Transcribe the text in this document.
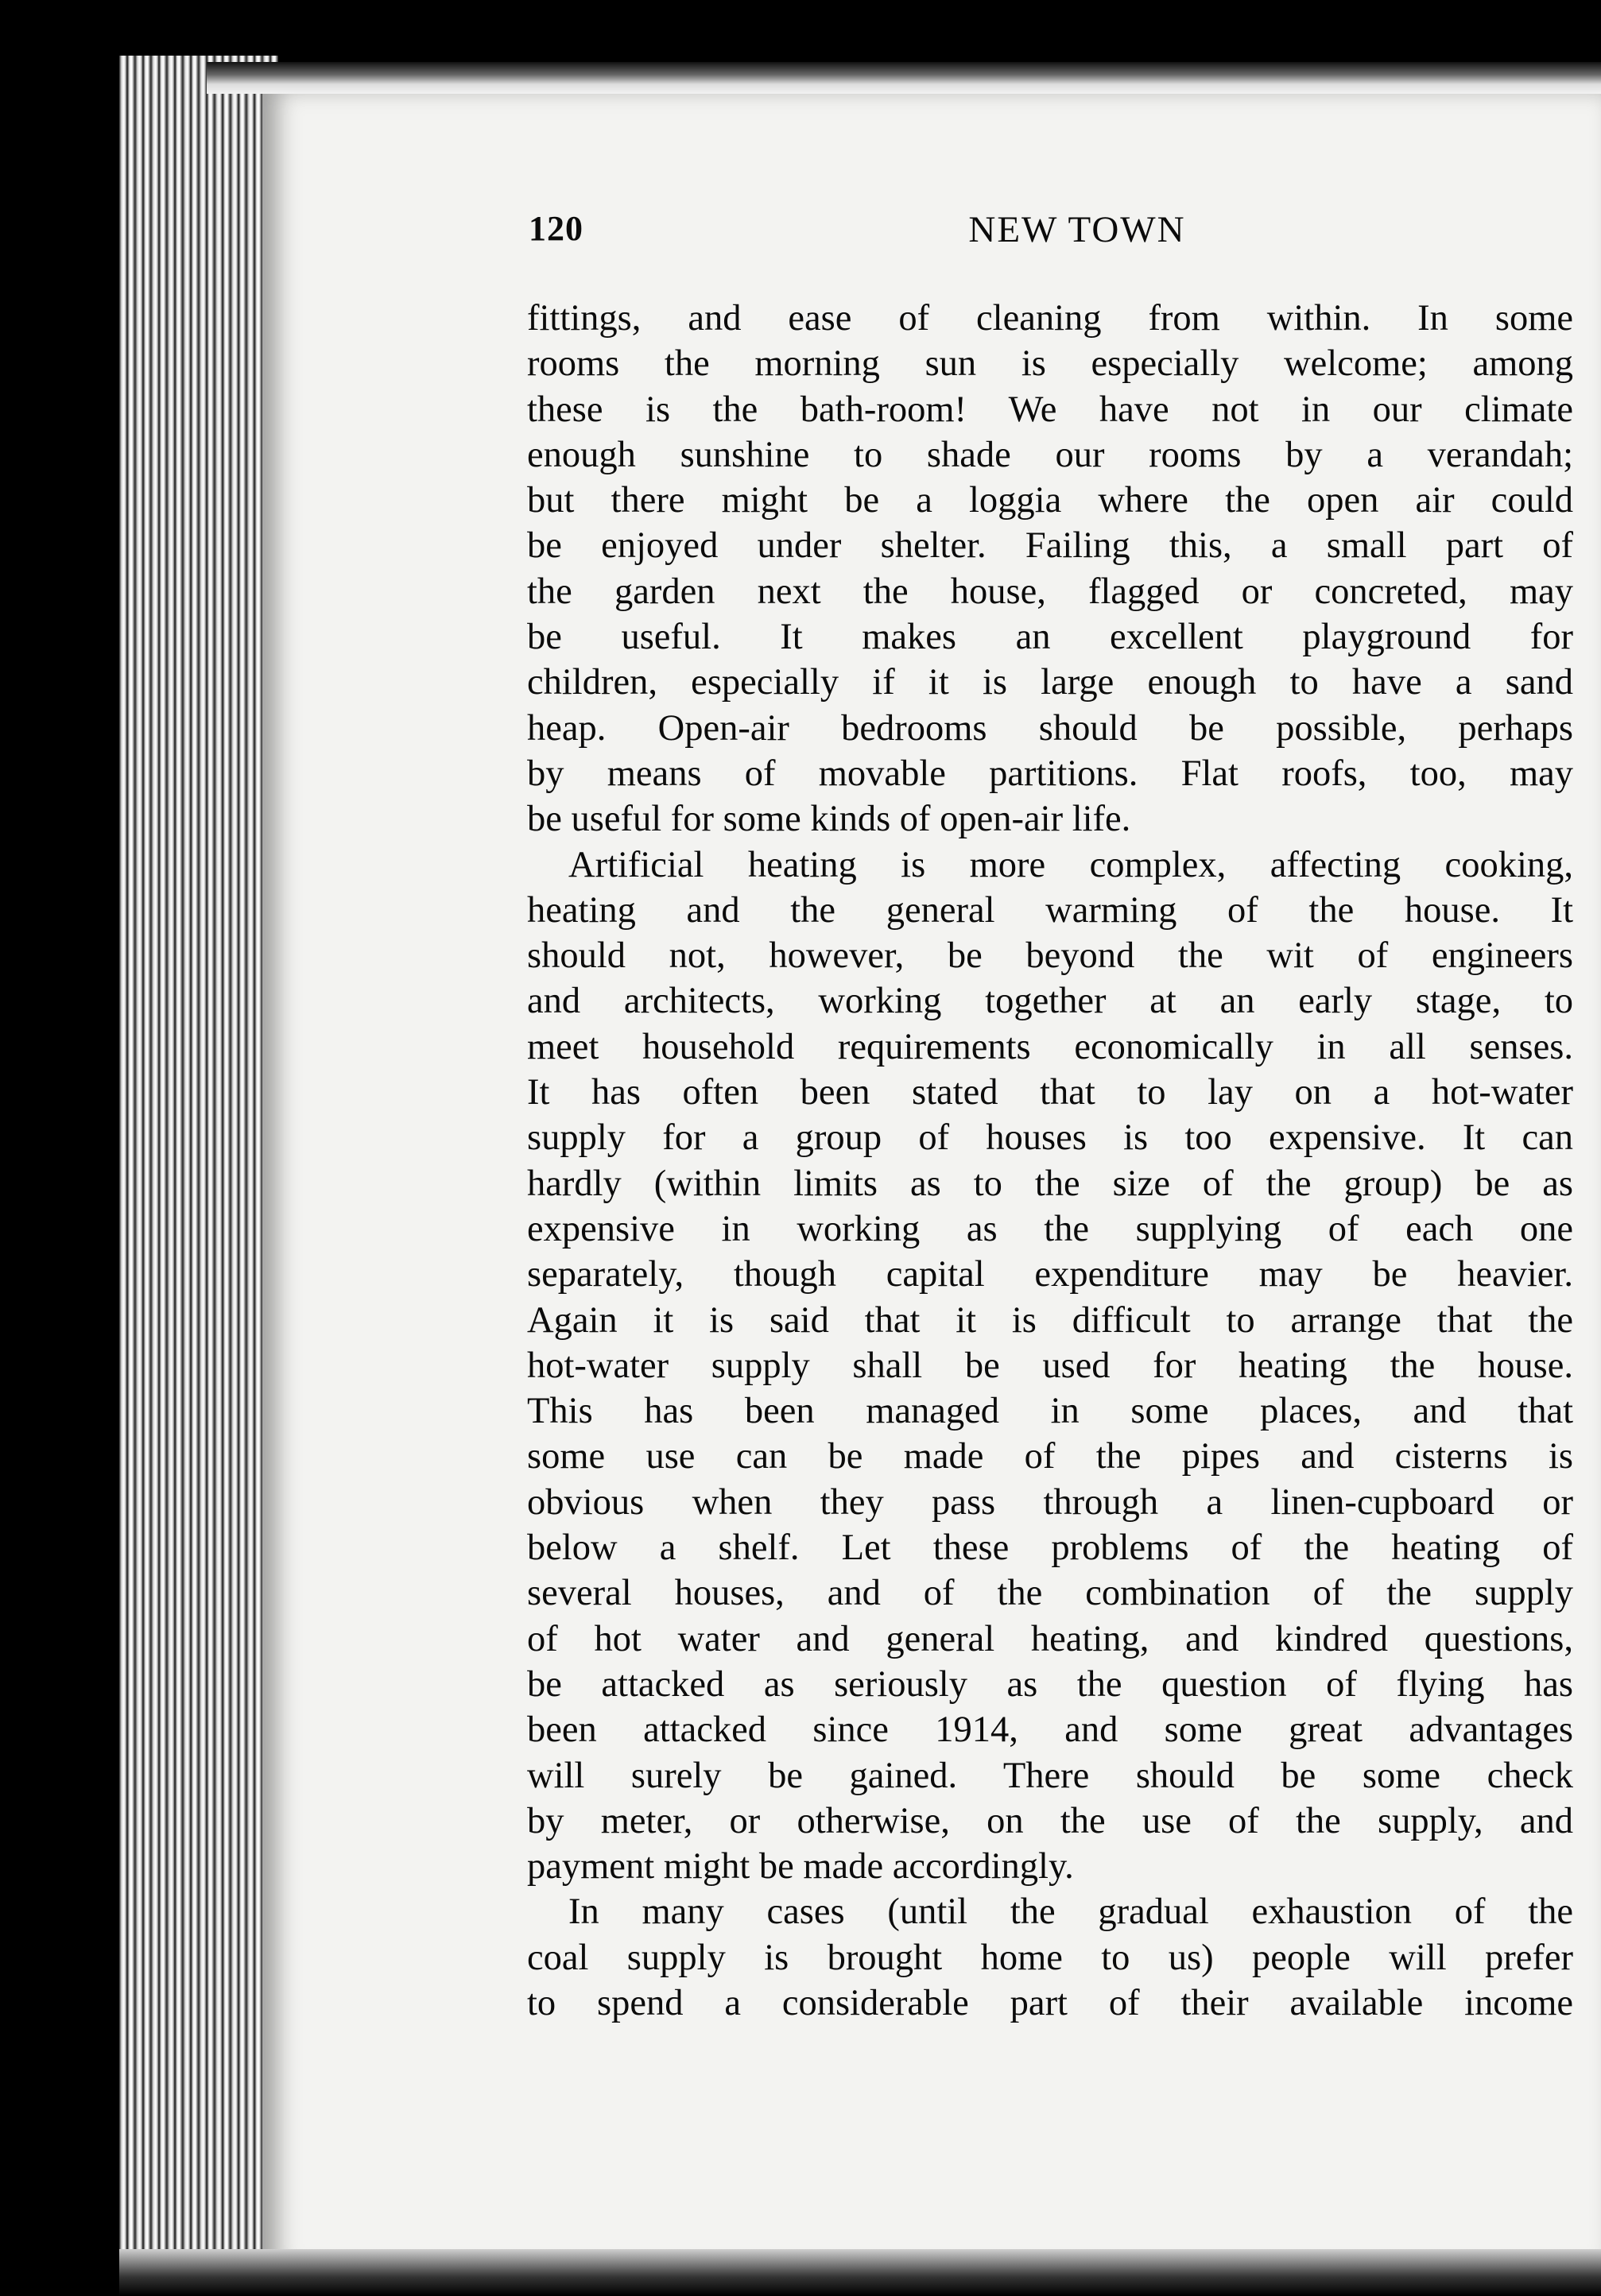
120	NEW TOWN
fittings, and ease of cleaning from within. In some
rooms the morning sun is especially welcome; among
these is the bath-room! We have not in our climate
enough sunshine to shade our rooms by a verandah;
but there might be a loggia where the open air could
be enjoyed under shelter. Failing this, a small part of
the garden next the house, flagged or concreted, may
be useful. It makes an excellent playground for
children, especially if it is large enough to have a sand
heap. Open-air bedrooms should be possible, perhaps
by means of movable partitions. Flat roofs, too, may
be useful for some kinds of open-air life.
Artificial heating is more complex, affecting cooking,
heating and the general warming of the house. It
should not, however, be beyond the wit of engineers
and architects, working together at an early stage, to
meet household requirements economically in all senses.
It has often been stated that to lay on a hot-water
supply for a group of houses is too expensive. It can
hardly (within limits as to the size of the group) be as
expensive in working as the supplying of each one
separately, though capital expenditure may be heavier.
Again it is said that it is difficult to arrange that the
hot-water supply shall be used for heating the house.
This has been managed in some places, and that
some use can be made of the pipes and cisterns is
obvious when they pass through a linen-cupboard or
below a shelf. Let these problems of the heating of
several houses, and of the combination of the supply
of hot water and general heating, and kindred questions,
be attacked as seriously as the question of flying has
been attacked since 1914, and some great advantages
will surely be gained. There should be some check
by meter, or otherwise, on the use of the supply, and
payment might be made accordingly.
In many cases (until the gradual exhaustion of the
coal supply is brought home to us) people will prefer
to spend a considerable part of their available income
